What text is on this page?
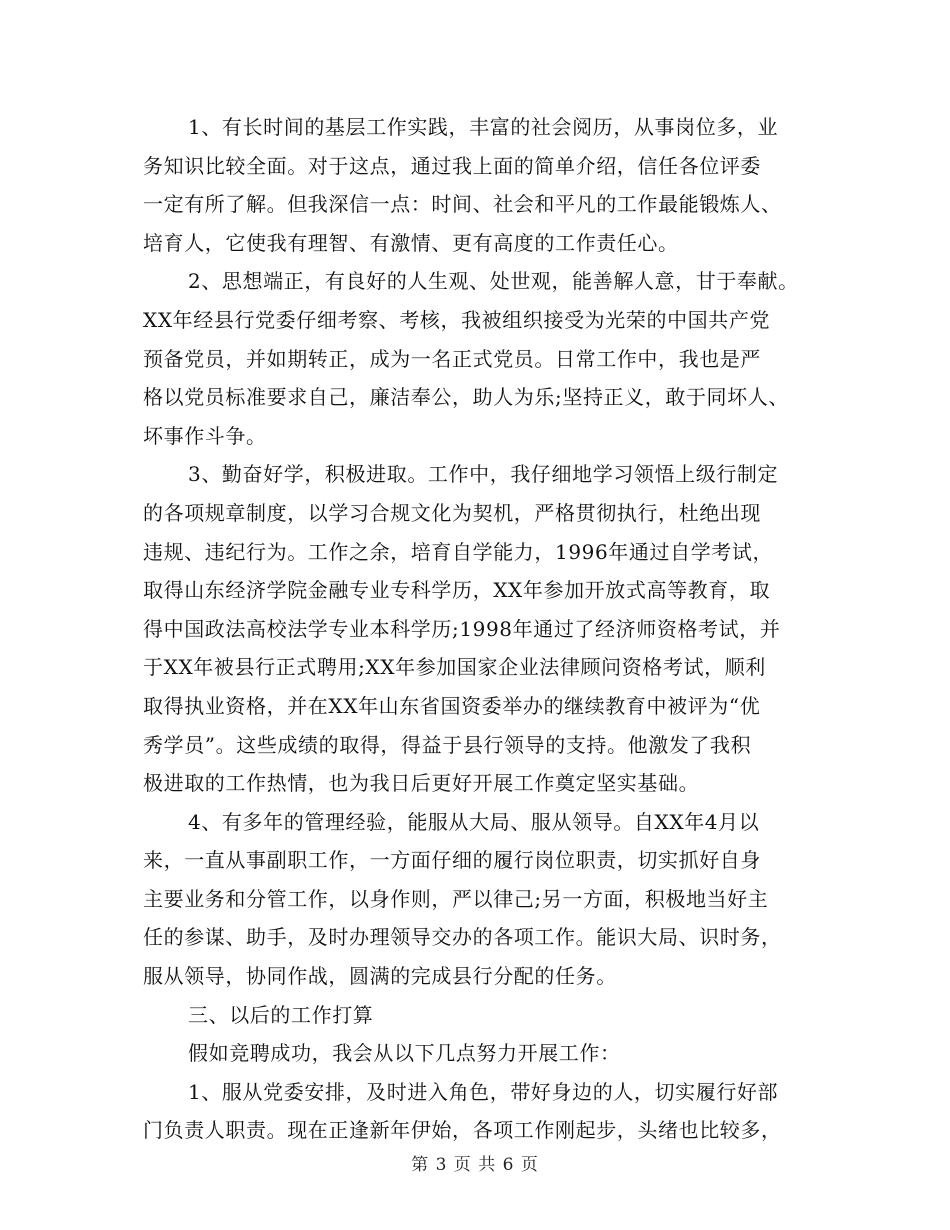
1、有长时间的基层工作实践，丰富的社会阅历，从事岗位多，业
务知识比较全面。对于这点，通过我上面的简单介绍，信任各位评委
一定有所了解。但我深信一点：时间、社会和平凡的工作最能锻炼人、
培育人，它使我有理智、有激情、更有高度的工作责任心。
2、思想端正，有良好的人生观、处世观，能善解人意，甘于奉献。
XX年经县行党委仔细考察、考核，我被组织接受为光荣的中国共产党
预备党员，并如期转正，成为一名正式党员。日常工作中，我也是严
格以党员标准要求自己，廉洁奉公，助人为乐;坚持正义，敢于同坏人、
坏事作斗争。
3、勤奋好学，积极进取。工作中，我仔细地学习领悟上级行制定
的各项规章制度，以学习合规文化为契机，严格贯彻执行，杜绝出现
违规、违纪行为。工作之余，培育自学能力，1996年通过自学考试，
取得山东经济学院金融专业专科学历，XX年参加开放式高等教育，取
得中国政法高校法学专业本科学历;1998年通过了经济师资格考试，并
于XX年被县行正式聘用;XX年参加国家企业法律顾问资格考试，顺利
取得执业资格，并在XX年山东省国资委举办的继续教育中被评为“优
秀学员”。这些成绩的取得，得益于县行领导的支持。他激发了我积
极进取的工作热情，也为我日后更好开展工作奠定坚实基础。
4、有多年的管理经验，能服从大局、服从领导。自XX年4月以
来，一直从事副职工作，一方面仔细的履行岗位职责，切实抓好自身
主要业务和分管工作，以身作则，严以律己;另一方面，积极地当好主
任的参谋、助手，及时办理领导交办的各项工作。能识大局、识时务，
服从领导，协同作战，圆满的完成县行分配的任务。
三、以后的工作打算
假如竞聘成功，我会从以下几点努力开展工作：
1、服从党委安排，及时进入角色，带好身边的人，切实履行好部
门负责人职责。现在正逢新年伊始，各项工作刚起步，头绪也比较多，
第 3 页 共 6 页
